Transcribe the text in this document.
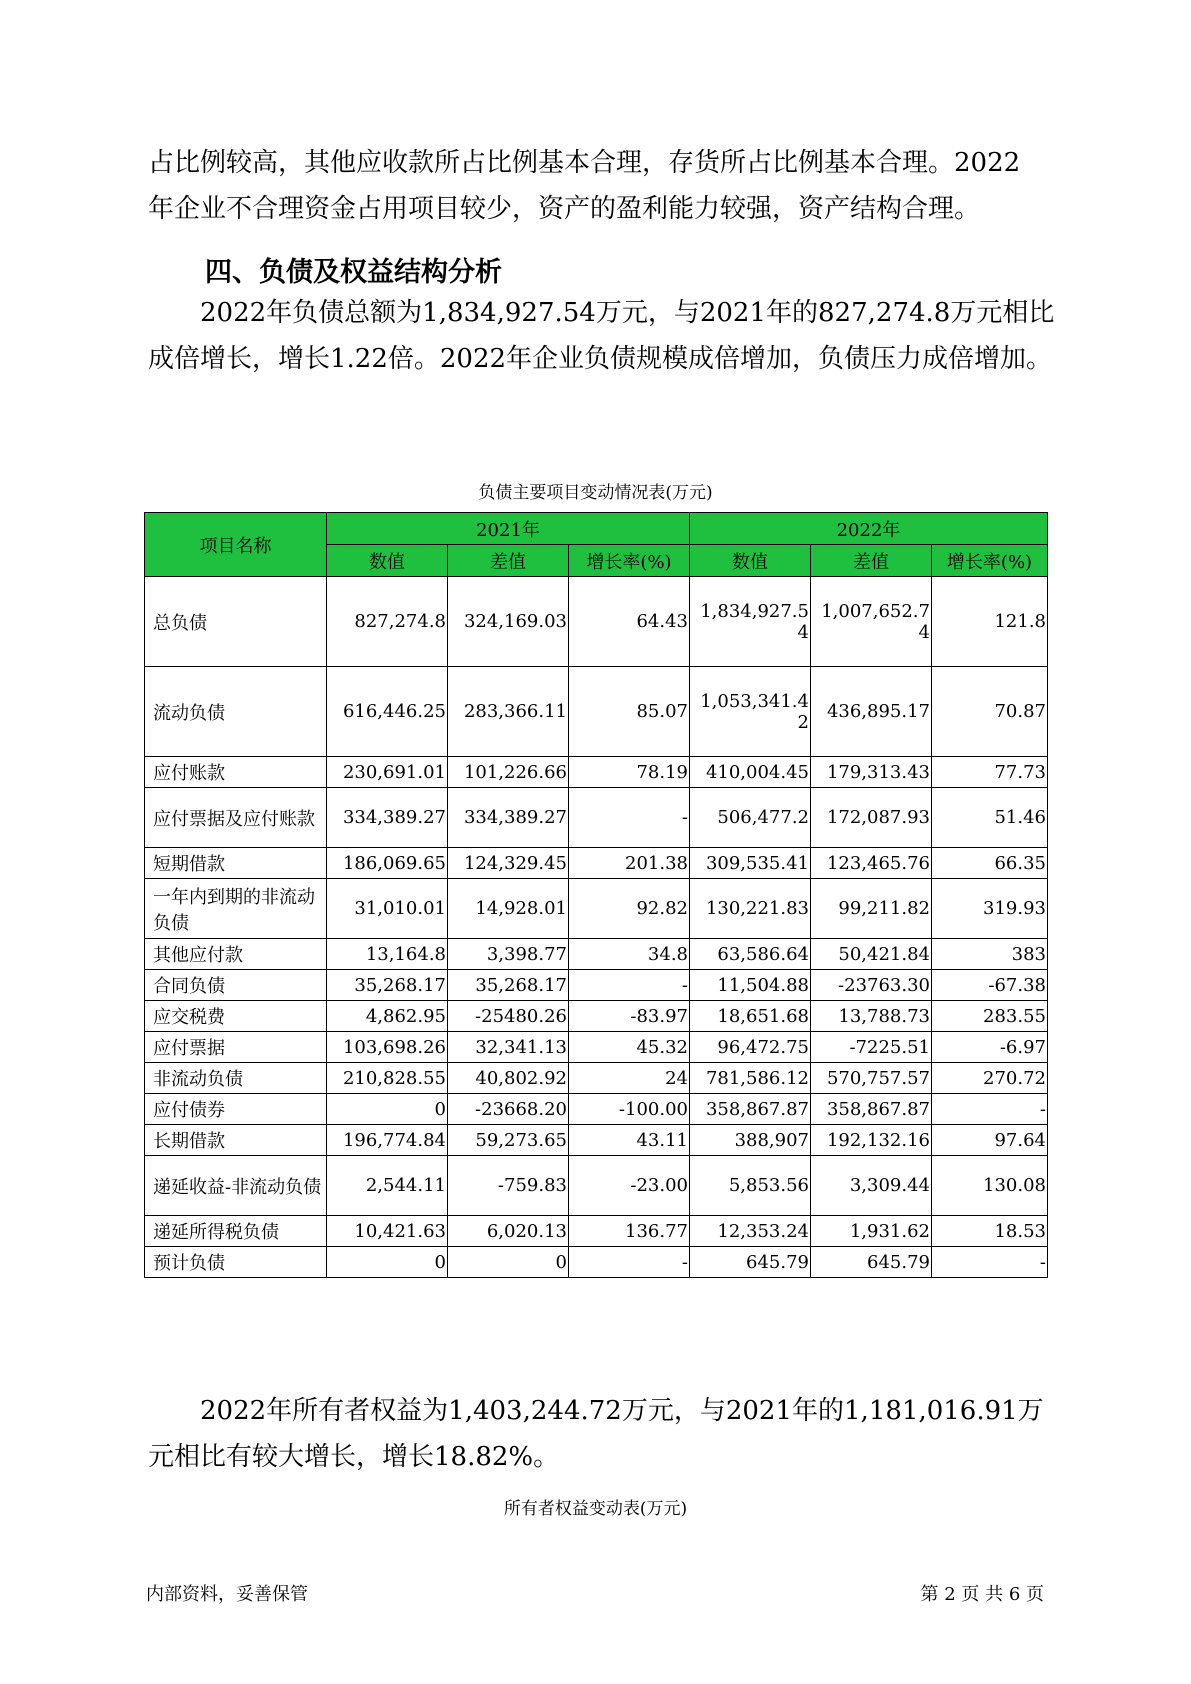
占比例较高，其他应收款所占比例基本合理，存货所占比例基本合理。2022

年企业不合理资金占用项目较少，资产的盈利能力较强，资产结构合理。

四、负债及权益结构分析

2022年负债总额为1,834,927.54万元，与2021年的827,274.8万元相比成倍增长，增长1.22倍。2022年企业负债规模成倍增加，负债压力成倍增加。

负债主要项目变动情况表(万元)
项目名称	2021年			2022年		
	数值	差值	增长率(%)	数值	差值	增长率(%)
总负债	827,274.8	324,169.03	64.43	1,834,927.54	1,007,652.74	121.8
流动负债	616,446.25	283,366.11	85.07	1,053,341.42	436,895.17	70.87
应付账款	230,691.01	101,226.66	78.19	410,004.45	179,313.43	77.73
应付票据及应付账款	334,389.27	334,389.27	-	506,477.2	172,087.93	51.46
短期借款	186,069.65	124,329.45	201.38	309,535.41	123,465.76	66.35
一年内到期的非流动负债	31,010.01	14,928.01	92.82	130,221.83	99,211.82	319.93
其他应付款	13,164.8	3,398.77	34.8	63,586.64	50,421.84	383
合同负债	35,268.17	35,268.17	-	11,504.88	-23763.30	-67.38
应交税费	4,862.95	-25480.26	-83.97	18,651.68	13,788.73	283.55
应付票据	103,698.26	32,341.13	45.32	96,472.75	-7225.51	-6.97
非流动负债	210,828.55	40,802.92	24	781,586.12	570,757.57	270.72
应付债券	0	-23668.20	-100.00	358,867.87	358,867.87	-
长期借款	196,774.84	59,273.65	43.11	388,907	192,132.16	97.64
递延收益-非流动负债	2,544.11	-759.83	-23.00	5,853.56	3,309.44	130.08
递延所得税负债	10,421.63	6,020.13	136.77	12,353.24	1,931.62	18.53
预计负债	0	0	-	645.79	645.79	-

2022年所有者权益为1,403,244.72万元，与2021年的1,181,016.91万元相比有较大增长，增长18.82%。

所有者权益变动表(万元)
内部资料，妥善保管	第 2 页 共 6 页
